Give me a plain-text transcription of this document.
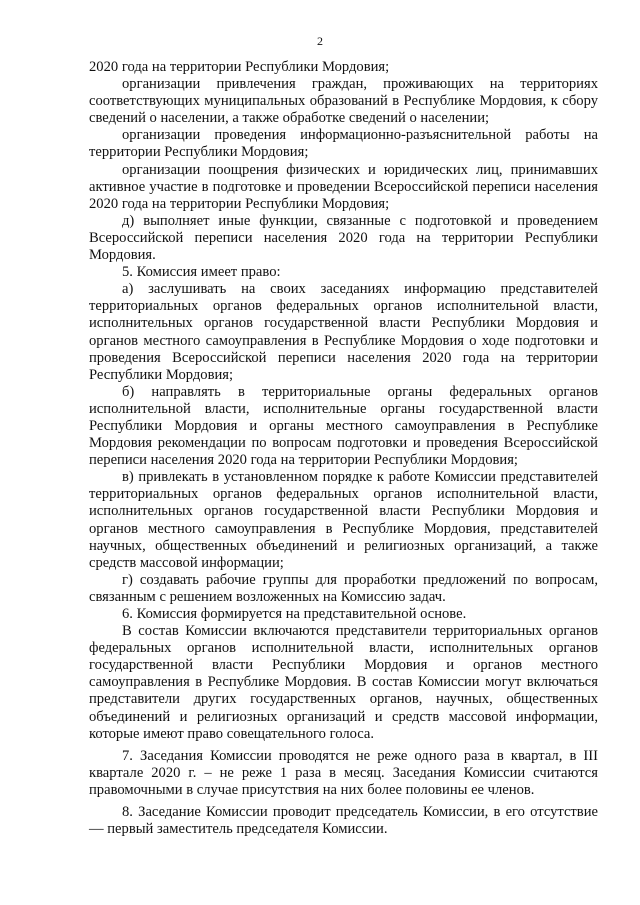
2

2020 года на территории Республики Мордовия;

организации привлечения граждан, проживающих на территориях соответствующих муниципальных образований в Республике Мордовия, к сбору сведений о населении, а также обработке сведений о населении;

организации проведения информационно-разъяснительной работы на территории Республики Мордовия;

организации поощрения физических и юридических лиц, принимавших активное участие в подготовке и проведении Всероссийской переписи населения 2020 года на территории Республики Мордовия;

д) выполняет иные функции, связанные с подготовкой и проведением Всероссийской переписи населения 2020 года на территории Республики Мордовия.

5. Комиссия имеет право:

а) заслушивать на своих заседаниях информацию представителей территориальных органов федеральных органов исполнительной власти, исполнительных органов государственной власти Республики Мордовия и органов местного самоуправления в Республике Мордовия о ходе подготовки и проведения Всероссийской переписи населения 2020 года на территории Республики Мордовия;

б) направлять в территориальные органы федеральных органов исполнительной власти, исполнительные органы государственной власти Республики Мордовия и органы местного самоуправления в Республике Мордовия рекомендации по вопросам подготовки и проведения Всероссийской переписи населения 2020 года на территории Республики Мордовия;

в) привлекать в установленном порядке к работе Комиссии представителей территориальных органов федеральных органов исполнительной власти, исполнительных органов государственной власти Республики Мордовия и органов местного самоуправления в Республике Мордовия, представителей научных, общественных объединений и религиозных организаций, а также средств массовой информации;

г) создавать рабочие группы для проработки предложений по вопросам, связанным с решением возложенных на Комиссию задач.

6. Комиссия формируется на представительной основе.

В состав Комиссии включаются представители территориальных органов федеральных органов исполнительной власти, исполнительных органов государственной власти Республики Мордовия и органов местного самоуправления в Республике Мордовия. В состав Комиссии могут включаться представители других государственных органов, научных, общественных объединений и религиозных организаций и средств массовой информации, которые имеют право совещательного голоса.

7. Заседания Комиссии проводятся не реже одного раза в квартал, в III квартале 2020 г. – не реже 1 раза в месяц. Заседания Комиссии считаются правомочными в случае присутствия на них более половины ее членов.

8. Заседание Комиссии проводит председатель Комиссии, в его отсутствие — первый заместитель председателя Комиссии.
